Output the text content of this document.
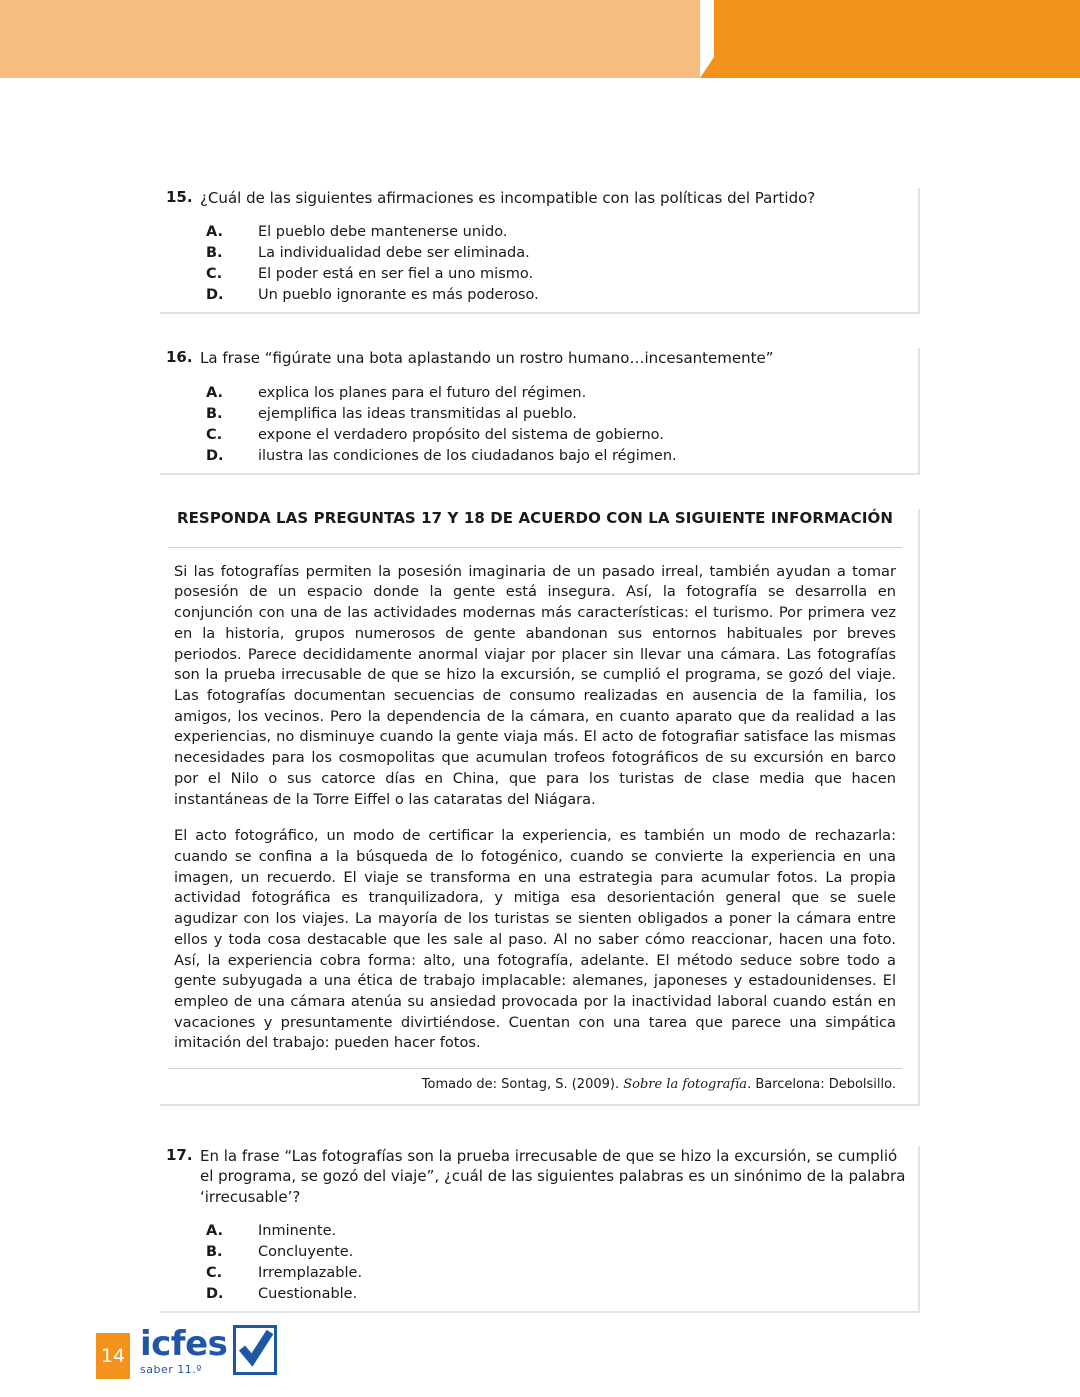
15. ¿Cuál de las siguientes afirmaciones es incompatible con las políticas del Partido?
A.	El pueblo debe mantenerse unido.
B.	La individualidad debe ser eliminada.
C.	El poder está en ser fiel a uno mismo.
D.	Un pueblo ignorante es más poderoso.
16. La frase “figúrate una bota aplastando un rostro humano…incesantemente”
A.	explica los planes para el futuro del régimen.
B.	ejemplifica las ideas transmitidas al pueblo.
C.	expone el verdadero propósito del sistema de gobierno.
D.	ilustra las condiciones de los ciudadanos bajo el régimen.
RESPONDA LAS PREGUNTAS 17 Y 18 DE ACUERDO CON LA SIGUIENTE INFORMACIÓN

Si las fotografías permiten la posesión imaginaria de un pasado irreal, también ayudan a tomar posesión de un espacio donde la gente está insegura. Así, la fotografía se desarrolla en conjunción con una de las actividades modernas más características: el turismo. Por primera vez en la historia, grupos numerosos de gente abandonan sus entornos habituales por breves periodos. Parece decididamente anormal viajar por placer sin llevar una cámara. Las fotografías son la prueba irrecusable de que se hizo la excursión, se cumplió el programa, se gozó del viaje. Las fotografías documentan secuencias de consumo realizadas en ausencia de la familia, los amigos, los vecinos. Pero la dependencia de la cámara, en cuanto aparato que da realidad a las experiencias, no disminuye cuando la gente viaja más. El acto de fotografiar satisface las mismas necesidades para los cosmopolitas que acumulan trofeos fotográficos de su excursión en barco por el Nilo o sus catorce días en China, que para los turistas de clase media que hacen instantáneas de la Torre Eiffel o las cataratas del Niágara.

El acto fotográfico, un modo de certificar la experiencia, es también un modo de rechazarla: cuando se confina a la búsqueda de lo fotogénico, cuando se convierte la experiencia en una imagen, un recuerdo. El viaje se transforma en una estrategia para acumular fotos. La propia actividad fotográfica es tranquilizadora, y mitiga esa desorientación general que se suele agudizar con los viajes. La mayoría de los turistas se sienten obligados a poner la cámara entre ellos y toda cosa destacable que les sale al paso. Al no saber cómo reaccionar, hacen una foto. Así, la experiencia cobra forma: alto, una fotografía, adelante. El método seduce sobre todo a gente subyugada a una ética de trabajo implacable: alemanes, japoneses y estadounidenses. El empleo de una cámara atenúa su ansiedad provocada por la inactividad laboral cuando están en vacaciones y presuntamente divirtiéndose. Cuentan con una tarea que parece una simpática imitación del trabajo: pueden hacer fotos.

Tomado de: Sontag, S. (2009). Sobre la fotografía. Barcelona: Debolsillo.
17. En la frase “Las fotografías son la prueba irrecusable de que se hizo la excursión, se cumplió el programa, se gozó del viaje”, ¿cuál de las siguientes palabras es un sinónimo de la palabra ‘irrecusable’?
A.	Inminente.
B.	Concluyente.
C.	Irremplazable.
D.	Cuestionable.
14 icfes
saber 11.º
